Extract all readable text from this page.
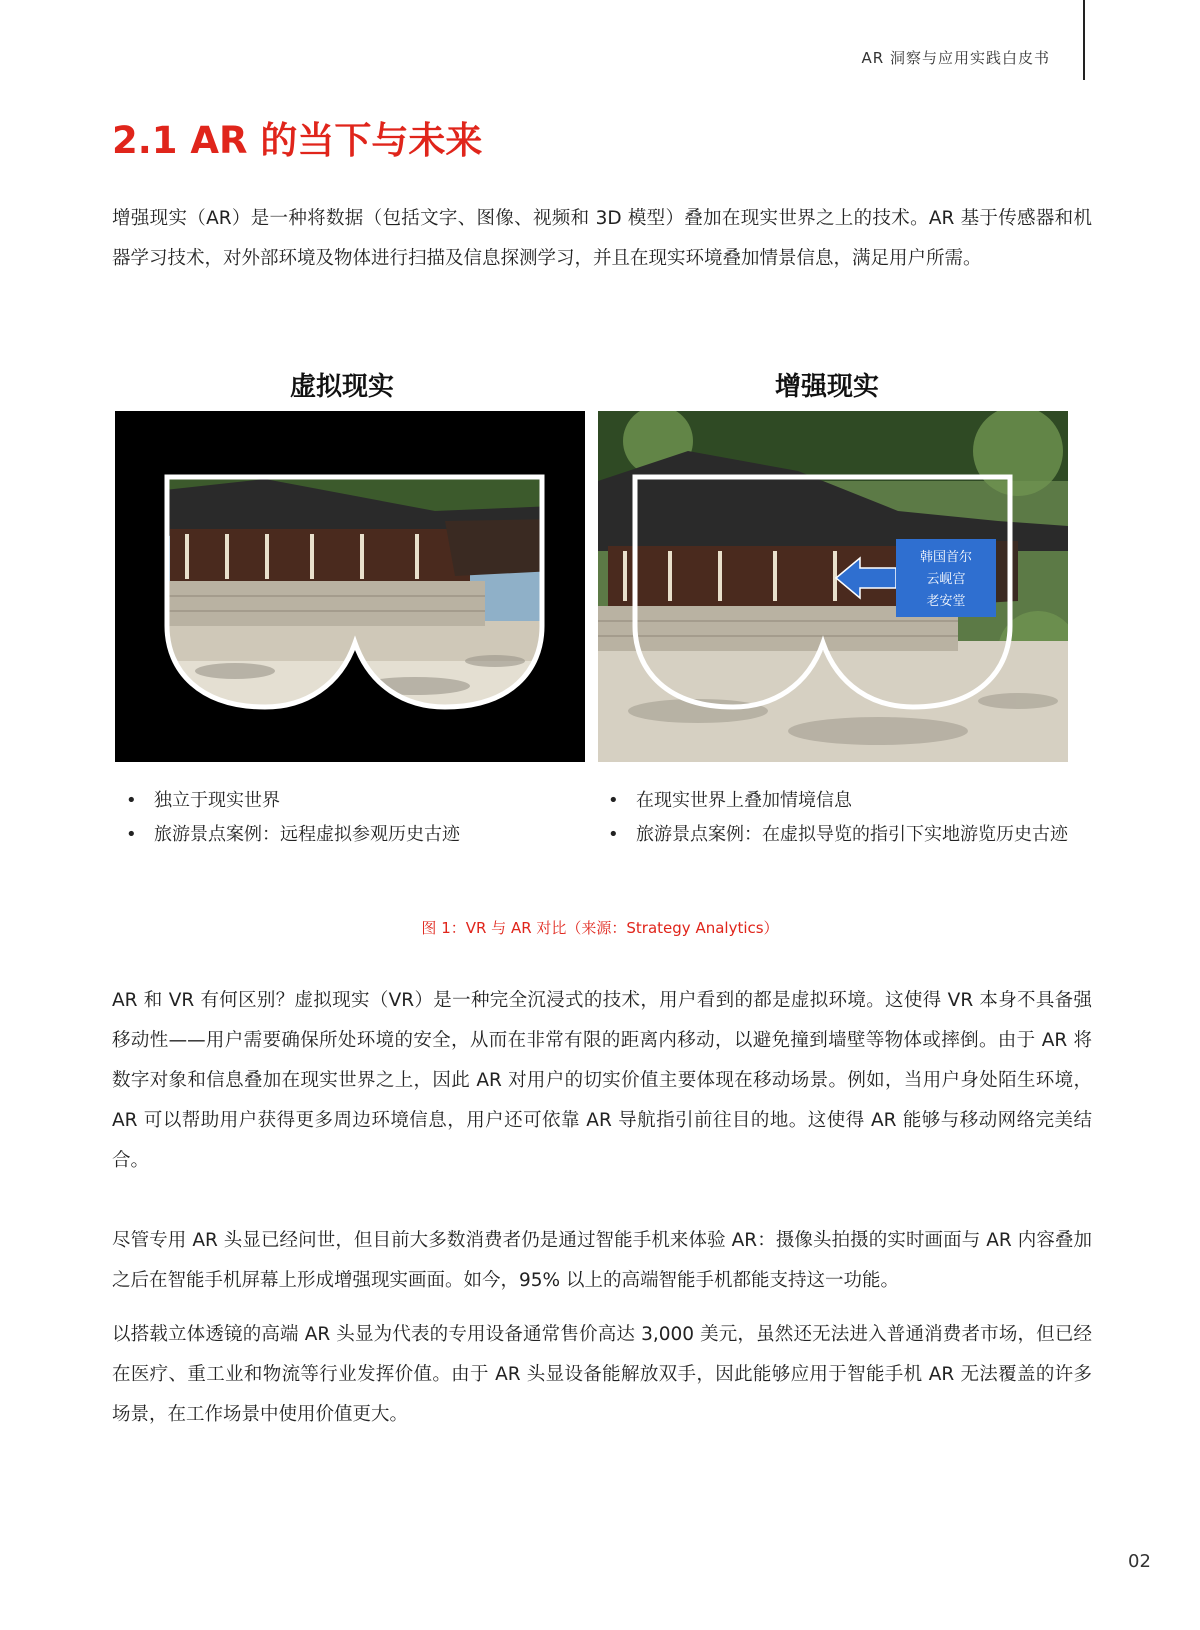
AR 洞察与应用实践白皮书
2.1 AR 的当下与未来

增强现实（AR）是一种将数据（包括文字、图像、视频和 3D 模型）叠加在现实世界之上的技术。AR 基于传感器和机器学习技术，对外部环境及物体进行扫描及信息探测学习，并且在现实环境叠加情景信息，满足用户所需。

虚拟现实	增强现实
韩国首尔
云岘宫
老安堂
• 独立于现实世界
• 旅游景点案例：远程虚拟参观历史古迹
• 在现实世界上叠加情境信息
• 旅游景点案例：在虚拟导览的指引下实地游览历史古迹
图 1：VR 与 AR 对比（来源：Strategy Analytics）

AR 和 VR 有何区别？虚拟现实（VR）是一种完全沉浸式的技术，用户看到的都是虚拟环境。这使得 VR 本身不具备强移动性——用户需要确保所处环境的安全，从而在非常有限的距离内移动，以避免撞到墙壁等物体或摔倒。由于 AR 将数字对象和信息叠加在现实世界之上，因此 AR 对用户的切实价值主要体现在移动场景。例如，当用户身处陌生环境，AR 可以帮助用户获得更多周边环境信息，用户还可依靠 AR 导航指引前往目的地。这使得 AR 能够与移动网络完美结合。

尽管专用 AR 头显已经问世，但目前大多数消费者仍是通过智能手机来体验 AR：摄像头拍摄的实时画面与 AR 内容叠加之后在智能手机屏幕上形成增强现实画面。如今，95% 以上的高端智能手机都能支持这一功能。

以搭载立体透镜的高端 AR 头显为代表的专用设备通常售价高达 3,000 美元，虽然还无法进入普通消费者市场，但已经在医疗、重工业和物流等行业发挥价值。由于 AR 头显设备能解放双手，因此能够应用于智能手机 AR 无法覆盖的许多场景，在工作场景中使用价值更大。

02
